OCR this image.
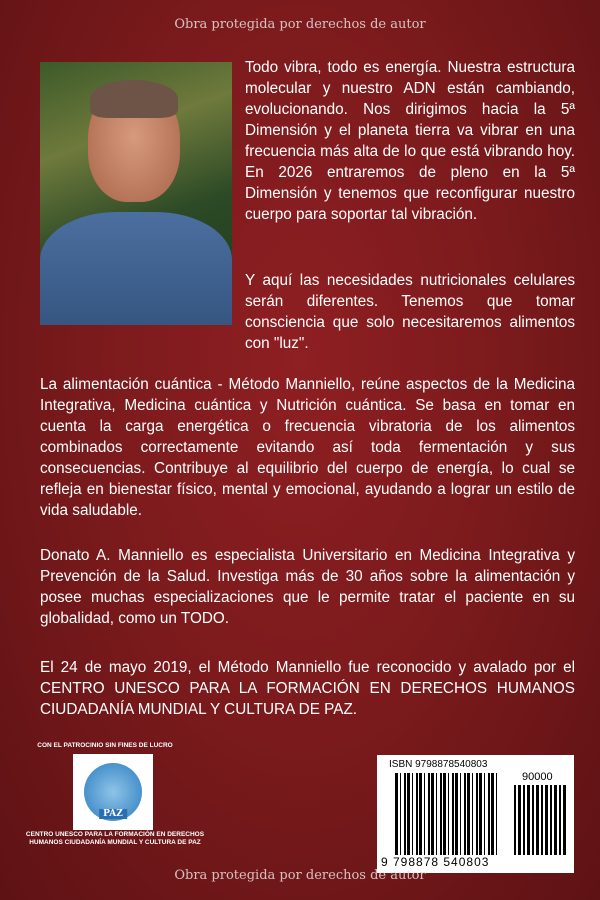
Obra protegida por derechos de autor

Todo vibra, todo es energía. Nuestra estructura molecular y nuestro ADN están cambiando, evolucionando. Nos dirigimos hacia la 5ª Dimensión y el planeta tierra va vibrar en una frecuencia más alta de lo que está vibrando hoy. En 2026 entraremos de pleno en la 5ª Dimensión y tenemos que reconfigurar nuestro cuerpo para soportar tal vibración.

Y aquí las necesidades nutricionales celulares serán diferentes. Tenemos que tomar consciencia que solo necesitaremos alimentos con "luz".

La alimentación cuántica - Método Manniello, reúne aspectos de la Medicina Integrativa, Medicina cuántica y Nutrición cuántica. Se basa en tomar en cuenta la carga energética o frecuencia vibratoria de los alimentos combinados correctamente evitando así toda fermentación y sus consecuencias. Contribuye al equilibrio del cuerpo de energía, lo cual se refleja en bienestar físico, mental y emocional, ayudando a lograr un estilo de vida saludable.

Donato A. Manniello es especialista Universitario en Medicina Integrativa y Prevención de la Salud. Investiga más de 30 años sobre la alimentación y posee muchas especializaciones que le permite tratar el paciente en su globalidad, como un TODO.

El 24 de mayo 2019, el Método Manniello fue reconocido y avalado por el CENTRO UNESCO PARA LA FORMACIÓN EN DERECHOS HUMANOS CIUDADANÍA MUNDIAL Y CULTURA DE PAZ.

CON EL PATROCINIO SIN FINES DE LUCRO
PAZ
CENTRO UNESCO PARA LA FORMACIÓN EN DERECHOS HUMANOS CIUDADANÍA MUNDIAL Y CULTURA DE PAZ
ISBN 9798878540803
90000
9 798878 540803
Obra protegida por derechos de autor
